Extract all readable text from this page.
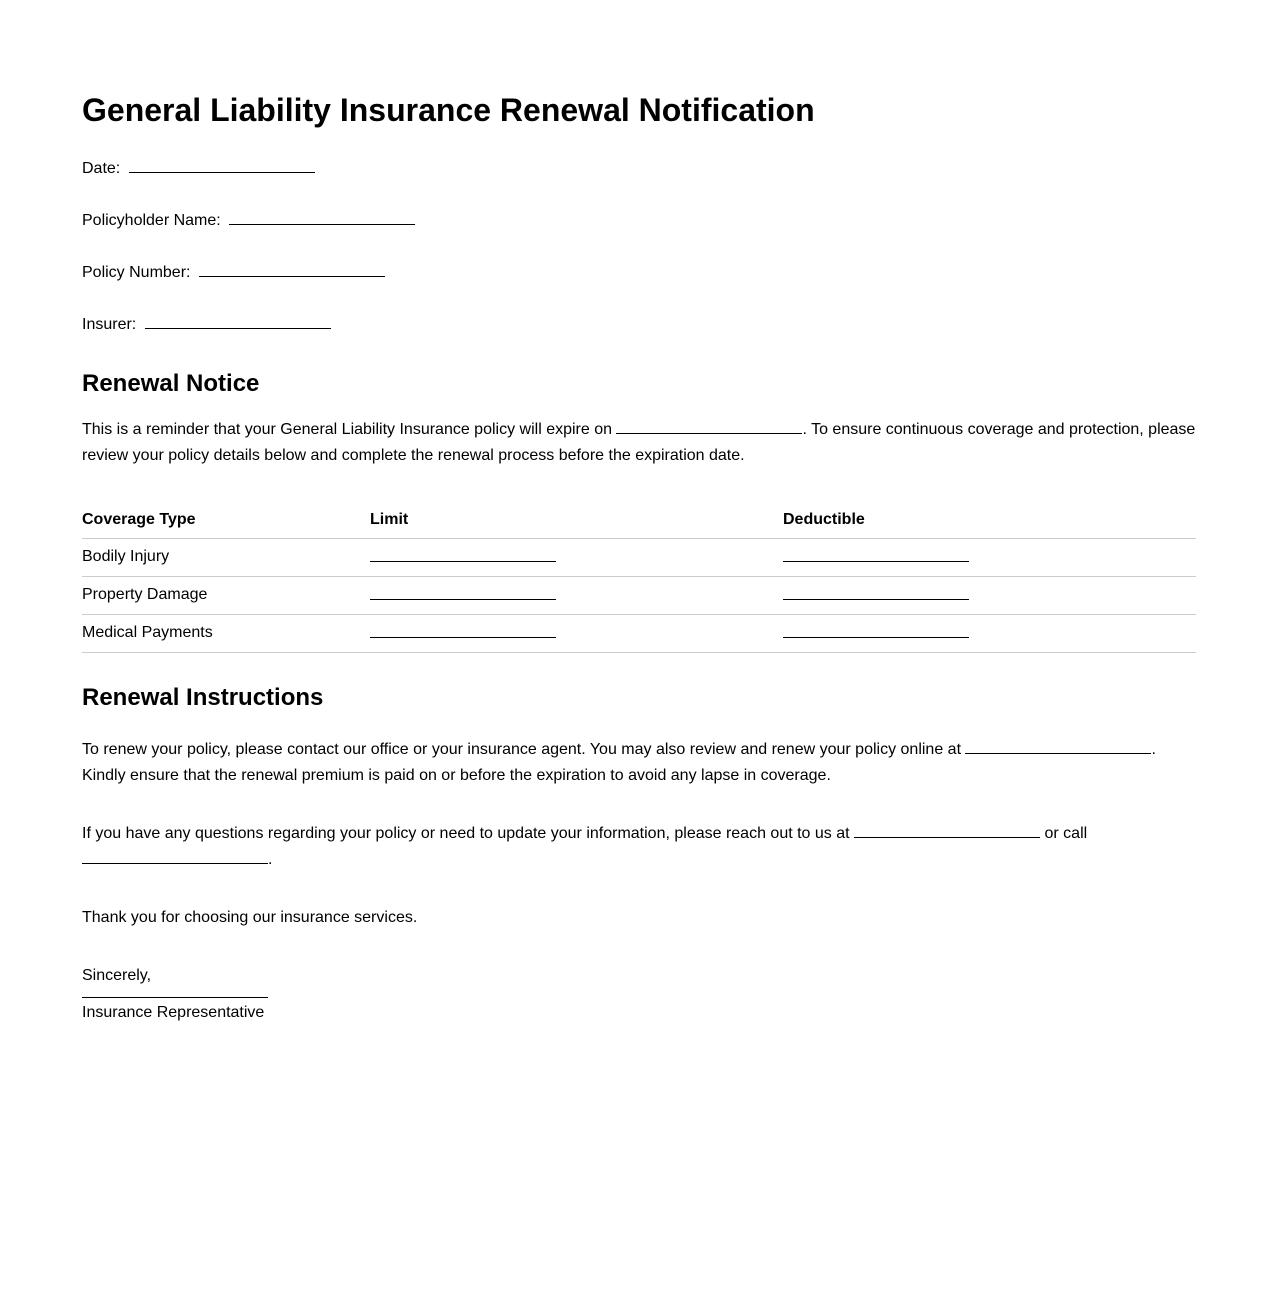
General Liability Insurance Renewal Notification

Date:

Policyholder Name:

Policy Number:

Insurer:

Renewal Notice

This is a reminder that your General Liability Insurance policy will expire on	. To ensure continuous coverage and protection, please review your policy details below and complete the renewal process before the expiration date.

Coverage Type	Limit	Deductible
Bodily Injury		
Property Damage		
Medical Payments		
Renewal Instructions

To renew your policy, please contact our office or your insurance agent. You may also review and renew your policy online at	. Kindly ensure that the renewal premium is paid on or before the expiration to avoid any lapse in coverage.

If you have any questions regarding your policy or need to update your information, please reach out to us at	or call .

Thank you for choosing our insurance services.

Sincerely,

Insurance Representative
